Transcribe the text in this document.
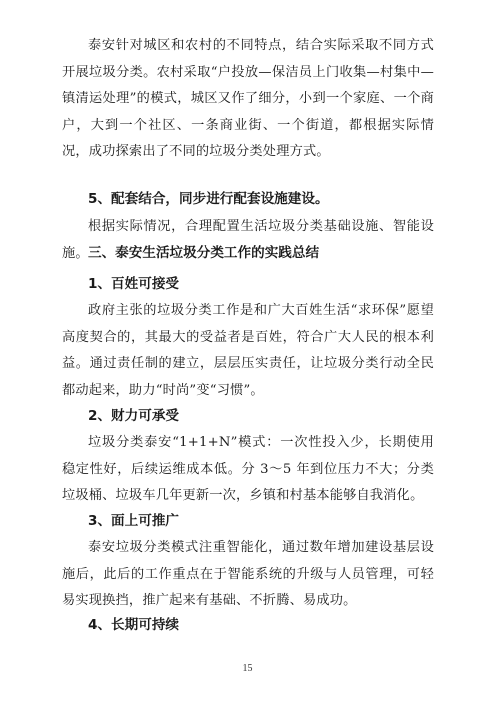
泰安针对城区和农村的不同特点，结合实际采取不同方式开展垃圾分类。农村采取“户投放—保洁员上门收集—村集中—镇清运处理”的模式，城区又作了细分，小到一个家庭、一个商户，大到一个社区、一条商业街、一个街道，都根据实际情况，成功探索出了不同的垃圾分类处理方式。

5、配套结合，同步进行配套设施建设。

根据实际情况，合理配置生活垃圾分类基础设施、智能设施。 三、泰安生活垃圾分类工作的实践总结

1、百姓可接受

政府主张的垃圾分类工作是和广大百姓生活“求环保”愿望高度契合的，其最大的受益者是百姓，符合广大人民的根本利益。通过责任制的建立，层层压实责任，让垃圾分类行动全民都动起来，助力“时尚”变“习惯”。

2、财力可承受

垃圾分类泰安“1+1+N”模式：一次性投入少，长期使用稳定性好，后续运维成本低。分 3～5 年到位压力不大；分类垃圾桶、垃圾车几年更新一次，乡镇和村基本能够自我消化。

3、面上可推广

泰安垃圾分类模式注重智能化，通过数年增加建设基层设施后，此后的工作重点在于智能系统的升级与人员管理，可轻易实现换挡，推广起来有基础、不折腾、易成功。

4、长期可持续

15
